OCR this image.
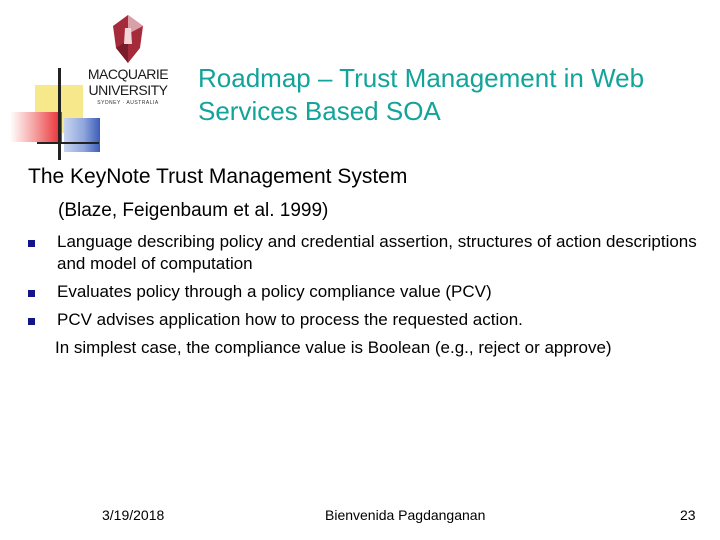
MACQUARIE
UNIVERSITY
SYDNEY · AUSTRALIA
Roadmap – Trust Management in Web Services Based SOA

The KeyNote Trust Management System

(Blaze, Feigenbaum et al. 1999)

Language describing policy and credential assertion, structures of action descriptions and model of computation
Evaluates policy through a policy compliance value (PCV)
PCV advises application how to process the requested action.
In simplest case, the compliance value is Boolean (e.g., reject or approve)
3/19/2018	Bienvenida Pagdanganan	23
